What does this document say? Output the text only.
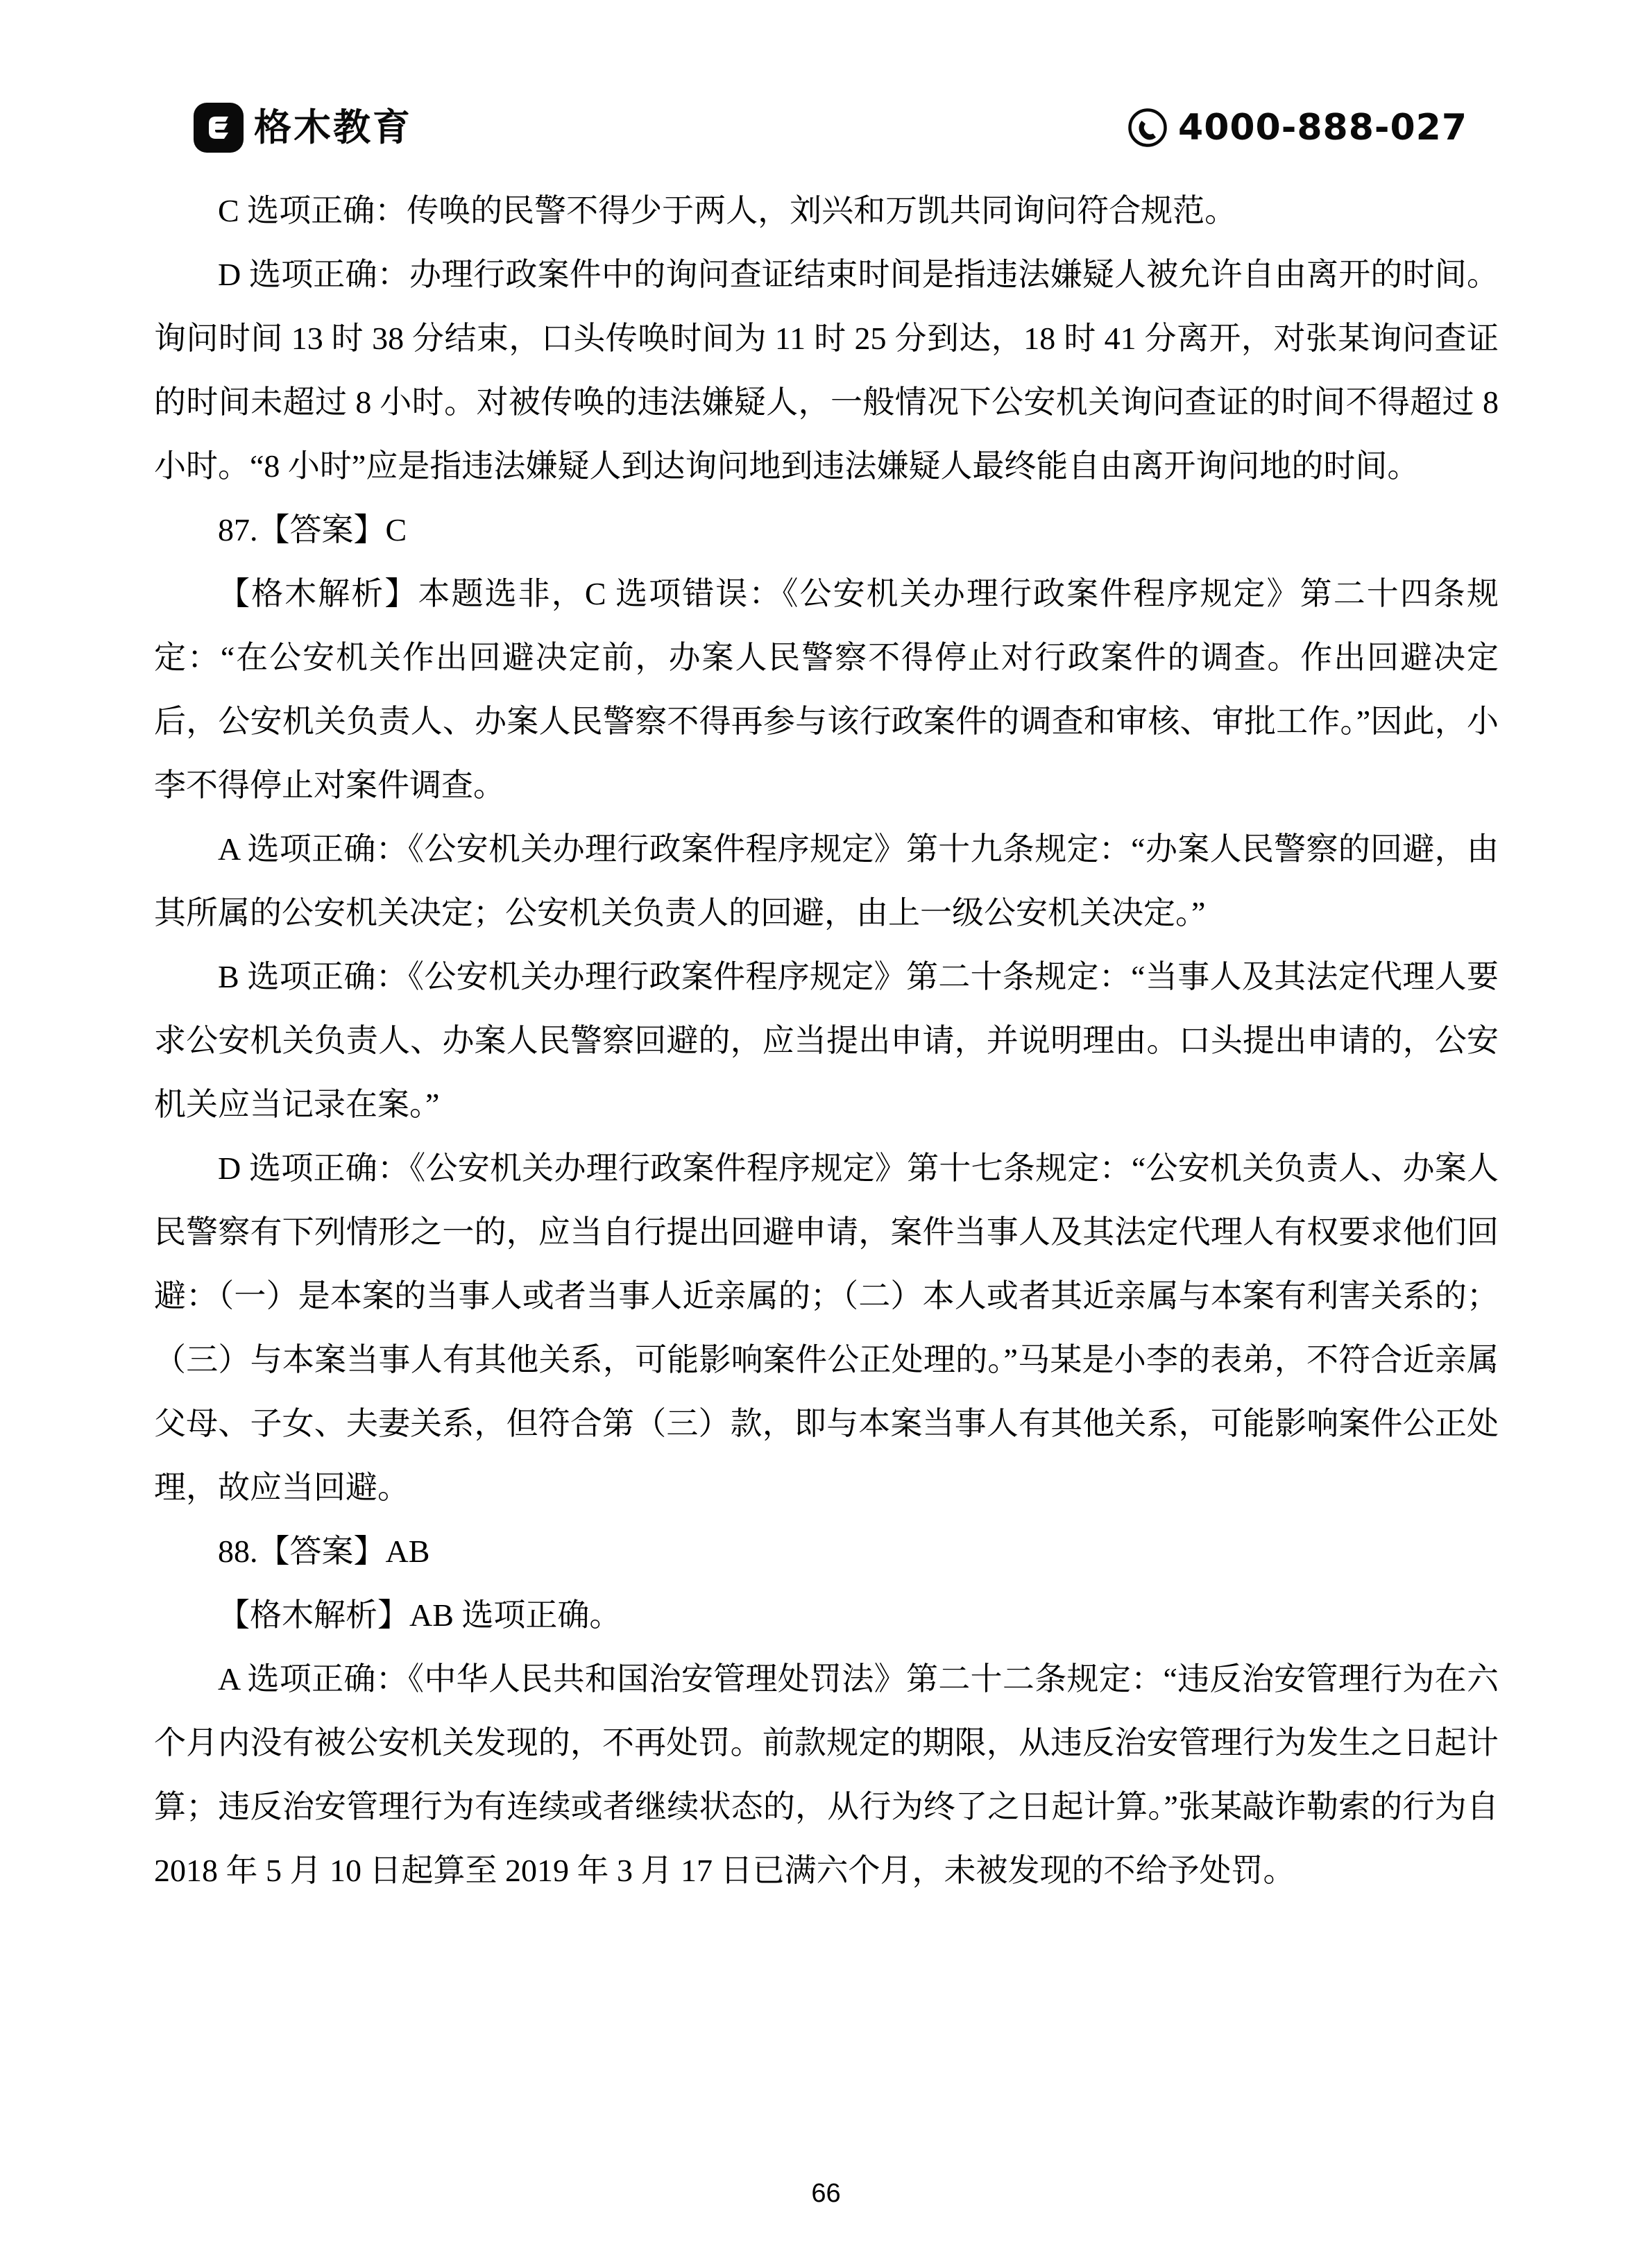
格木教育	4000-888-027

C 选项正确：传唤的民警不得少于两人，刘兴和万凯共同询问符合规范。

D 选项正确：办理行政案件中的询问查证结束时间是指违法嫌疑人被允许自由离开的时间。询问时间 13 时 38 分结束，口头传唤时间为 11 时 25 分到达，18 时 41 分离开，对张某询问查证的时间未超过 8 小时。对被传唤的违法嫌疑人，一般情况下公安机关询问查证的时间不得超过 8 小时。“8 小时”应是指违法嫌疑人到达询问地到违法嫌疑人最终能自由离开询问地的时间。

87.【答案】C

【格木解析】本题选非，C 选项错误：《公安机关办理行政案件程序规定》第二十四条规定：“在公安机关作出回避决定前，办案人民警察不得停止对行政案件的调查。作出回避决定后，公安机关负责人、办案人民警察不得再参与该行政案件的调查和审核、审批工作。”因此，小李不得停止对案件调查。

A 选项正确：《公安机关办理行政案件程序规定》第十九条规定：“办案人民警察的回避，由其所属的公安机关决定；公安机关负责人的回避，由上一级公安机关决定。”

B 选项正确：《公安机关办理行政案件程序规定》第二十条规定：“当事人及其法定代理人要求公安机关负责人、办案人民警察回避的，应当提出申请，并说明理由。口头提出申请的，公安机关应当记录在案。”

D 选项正确：《公安机关办理行政案件程序规定》第十七条规定：“公安机关负责人、办案人民警察有下列情形之一的，应当自行提出回避申请，案件当事人及其法定代理人有权要求他们回避：（一）是本案的当事人或者当事人近亲属的；（二）本人或者其近亲属与本案有利害关系的；（三）与本案当事人有其他关系，可能影响案件公正处理的。”马某是小李的表弟，不符合近亲属父母、子女、夫妻关系，但符合第（三）款，即与本案当事人有其他关系，可能影响案件公正处理，故应当回避。

88.【答案】AB

【格木解析】AB 选项正确。

A 选项正确：《中华人民共和国治安管理处罚法》第二十二条规定：“违反治安管理行为在六个月内没有被公安机关发现的，不再处罚。前款规定的期限，从违反治安管理行为发生之日起计算；违反治安管理行为有连续或者继续状态的，从行为终了之日起计算。”张某敲诈勒索的行为自 2018 年 5 月 10 日起算至 2019 年 3 月 17 日已满六个月，未被发现的不给予处罚。

66
